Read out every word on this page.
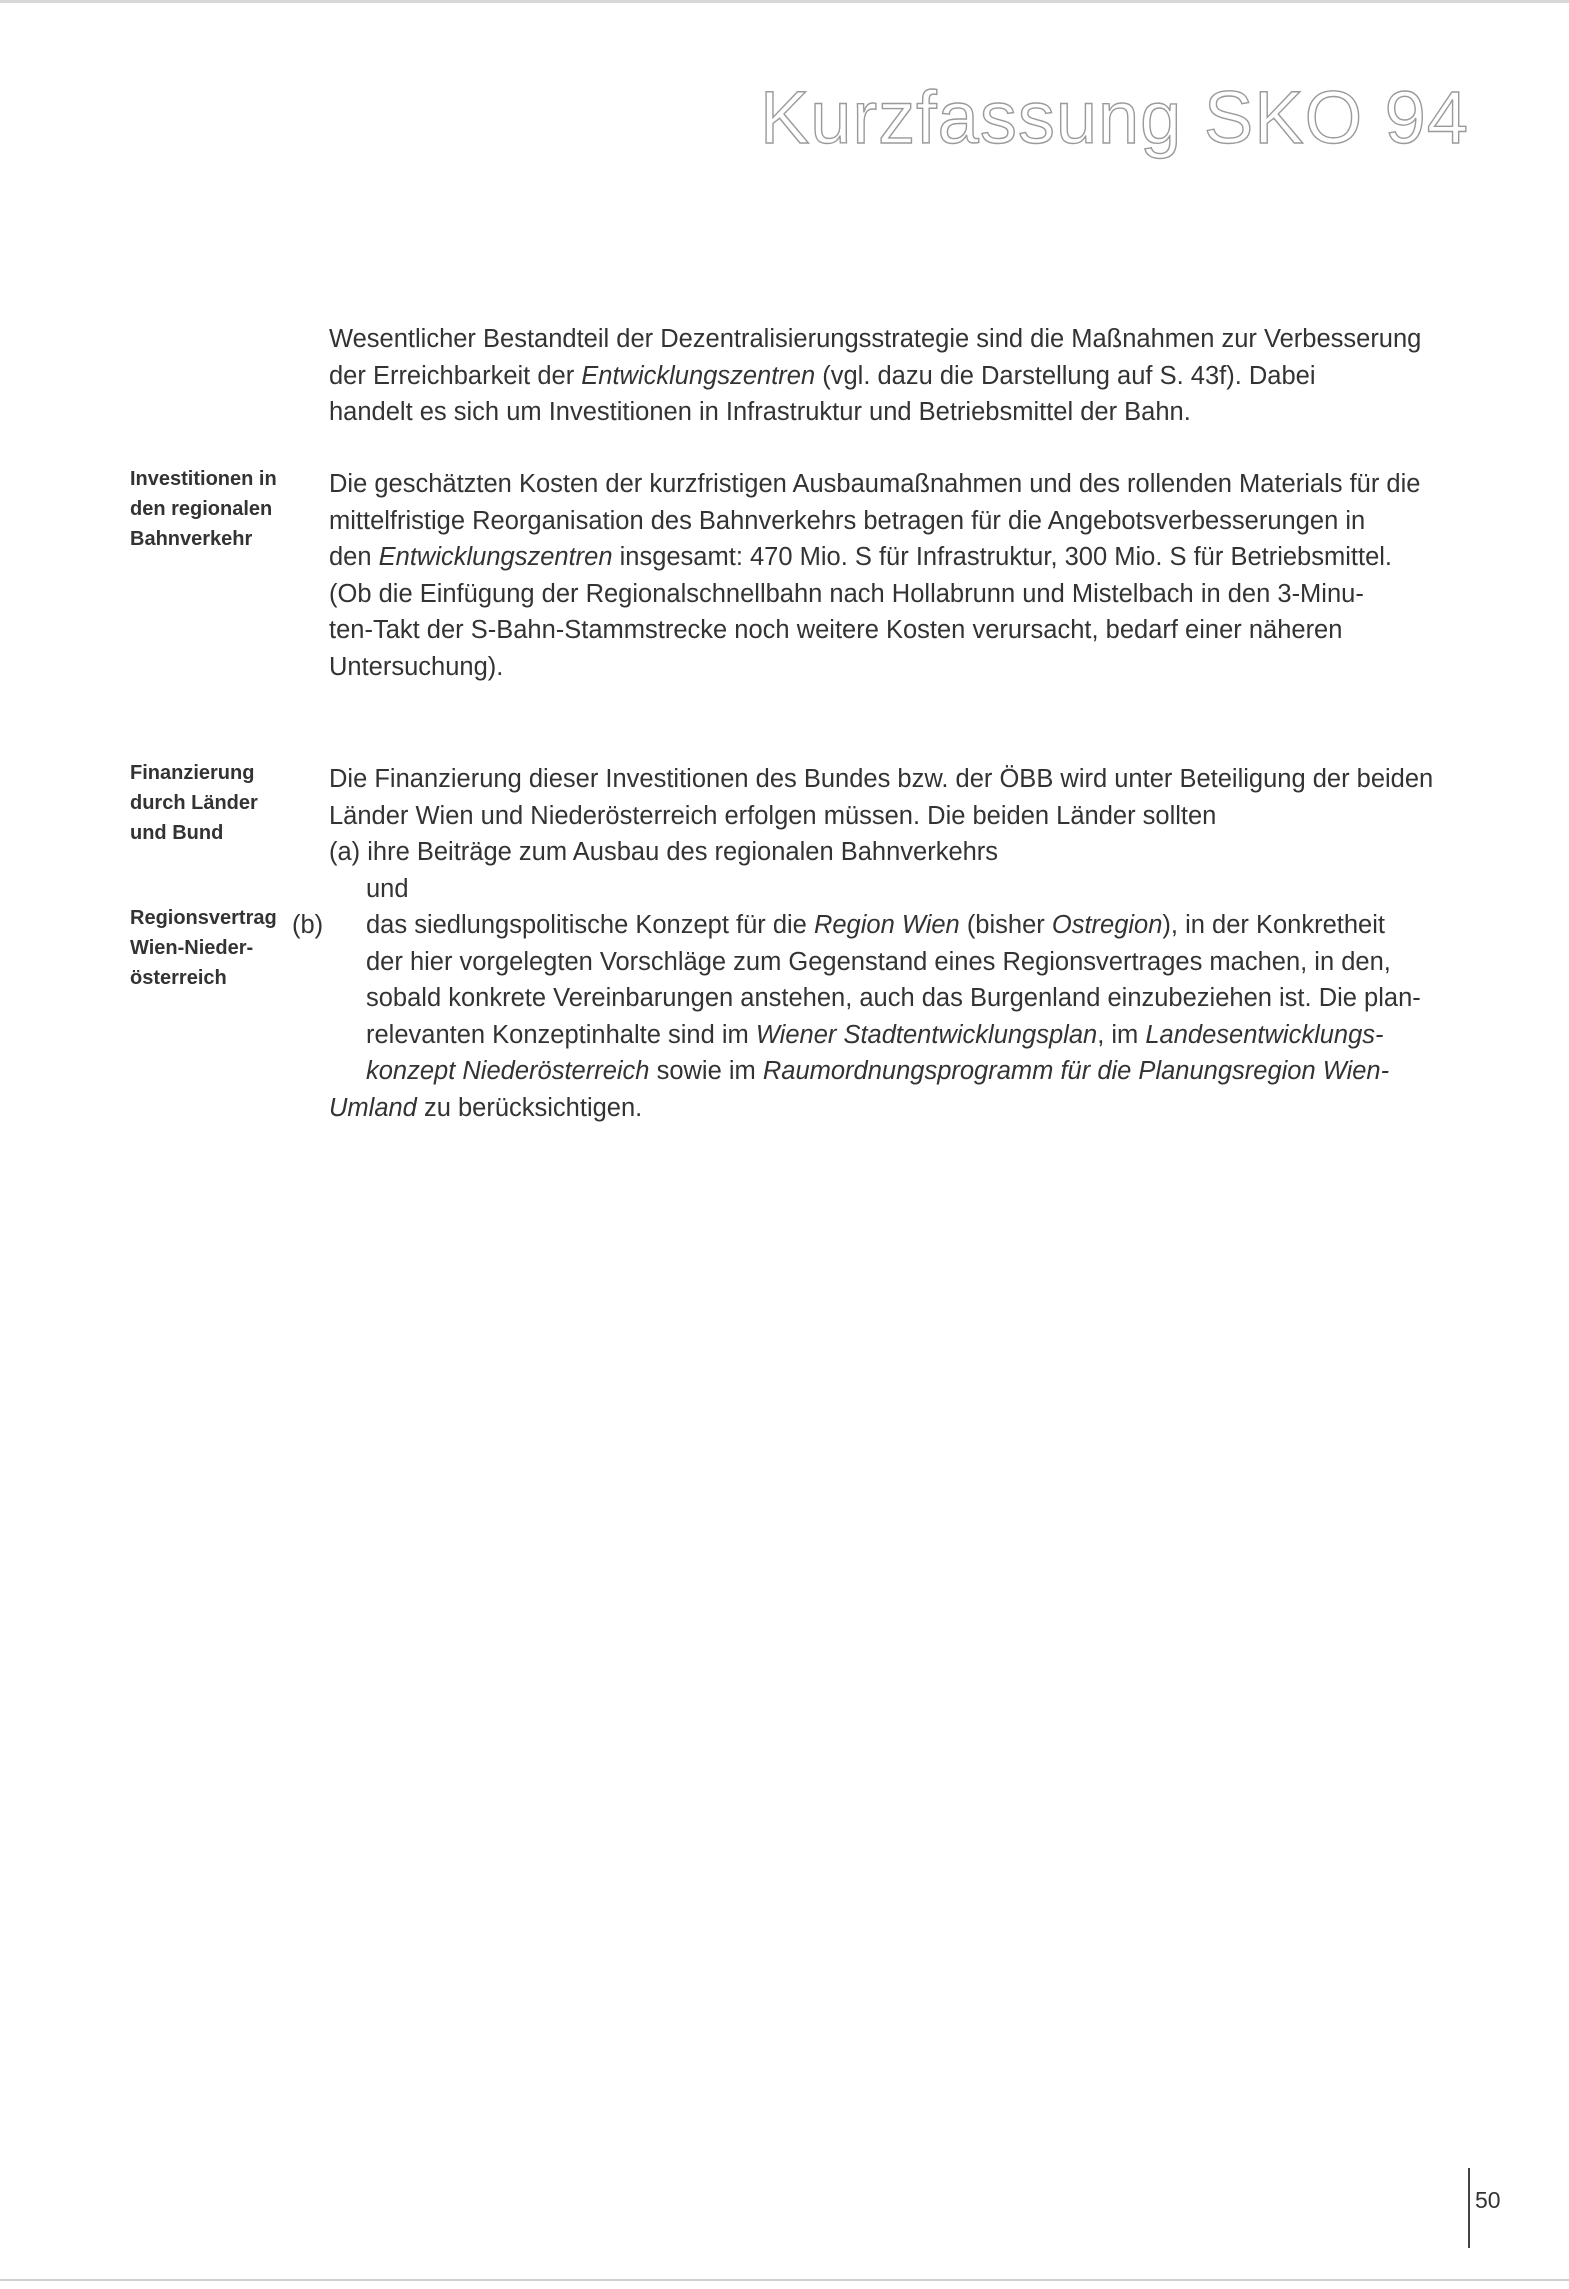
Kurzfassung SKO 94
Wesentlicher Bestandteil der Dezentralisierungsstrategie sind die Maßnahmen zur Verbesserung
der Erreichbarkeit der Entwicklungszentren (vgl. dazu die Darstellung auf S. 43f). Dabei
handelt es sich um Investitionen in Infrastruktur und Betriebsmittel der Bahn.
Investitionen in
den regionalen
Bahnverkehr
Die geschätzten Kosten der kurzfristigen Ausbaumaßnahmen und des rollenden Materials für die
mittelfristige Reorganisation des Bahnverkehrs betragen für die Angebotsverbesserungen in
den Entwicklungszentren insgesamt: 470 Mio. S für Infrastruktur, 300 Mio. S für Betriebsmittel.
(Ob die Einfügung der Regionalschnellbahn nach Hollabrunn und Mistelbach in den 3-Minu-
ten-Takt der S-Bahn-Stammstrecke noch weitere Kosten verursacht, bedarf einer näheren
Untersuchung).
Finanzierung
durch Länder
und Bund
Regionsvertrag
Wien-Nieder-
österreich
Die Finanzierung dieser Investitionen des Bundes bzw. der ÖBB wird unter Beteiligung der beiden
Länder Wien und Niederösterreich erfolgen müssen. Die beiden Länder sollten
(a) ihre Beiträge zum Ausbau des regionalen Bahnverkehrs
und
(b) das siedlungspolitische Konzept für die Region Wien (bisher Ostregion), in der Konkretheit
der hier vorgelegten Vorschläge zum Gegenstand eines Regionsvertrages machen, in den,
sobald konkrete Vereinbarungen anstehen, auch das Burgenland einzubeziehen ist. Die plan-
relevanten Konzeptinhalte sind im Wiener Stadtentwicklungsplan, im Landesentwicklungs-
konzept Niederösterreich sowie im Raumordnungsprogramm für die Planungsregion Wien-
Umland zu berücksichtigen.
50
